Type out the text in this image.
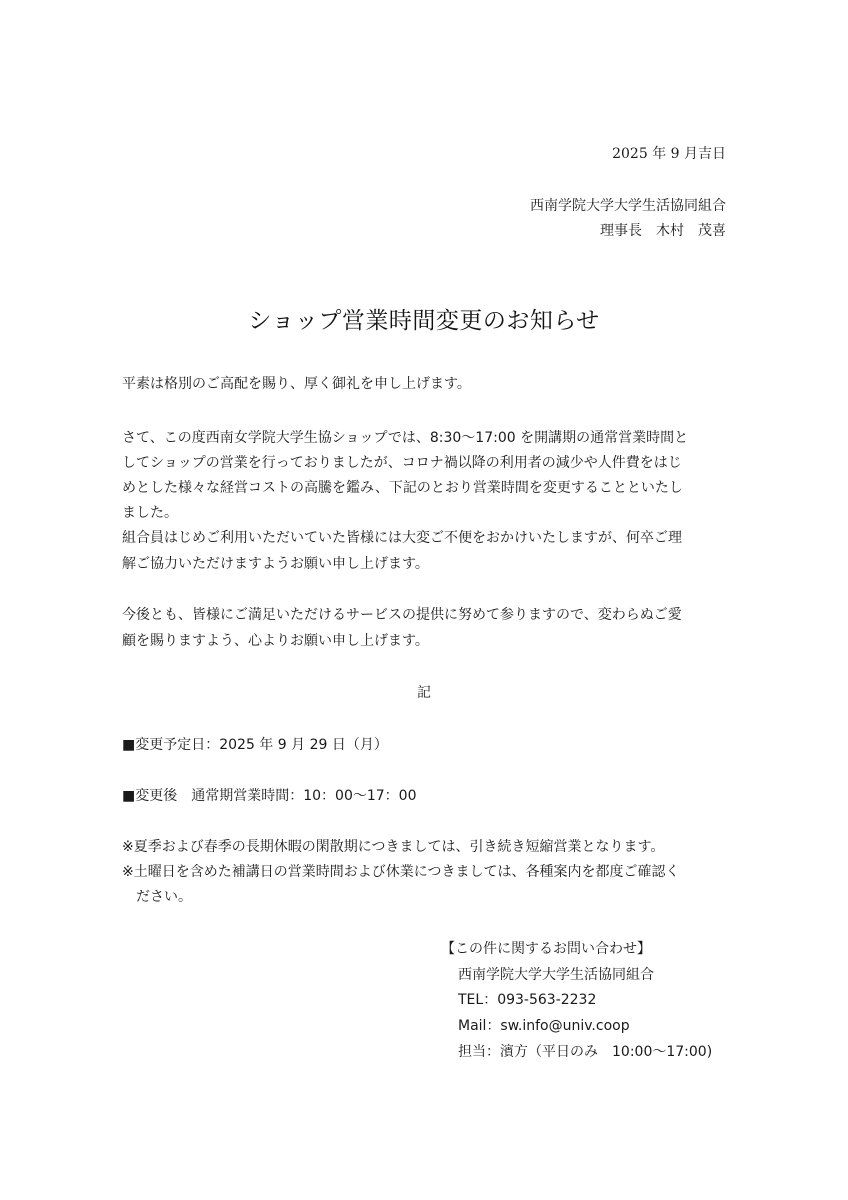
2025 年 9 月吉日
西南学院大学大学生活協同組合
理事長　木村　茂喜
ショップ営業時間変更のお知らせ
平素は格別のご高配を賜り、厚く御礼を申し上げます。
さて、この度西南女学院大学生協ショップでは、8:30～17:00 を開講期の通常営業時間と
してショップの営業を行っておりましたが、コロナ禍以降の利用者の減少や人件費をはじ
めとした様々な経営コストの高騰を鑑み、下記のとおり営業時間を変更することといたし
ました。
組合員はじめご利用いただいていた皆様には大変ご不便をおかけいたしますが、何卒ご理
解ご協力いただけますようお願い申し上げます。
今後とも、皆様にご満足いただけるサービスの提供に努めて参りますので、変わらぬご愛
顧を賜りますよう、心よりお願い申し上げます。
記
■変更予定日：2025 年 9 月 29 日（月）
■変更後　通常期営業時間：10：00～17：00
※夏季および春季の長期休暇の閑散期につきましては、引き続き短縮営業となります。
※土曜日を含めた補講日の営業時間および休業につきましては、各種案内を都度ご確認く
　ださい。
【この件に関するお問い合わせ】
西南学院大学大学生活協同組合
TEL：093-563-2232
Mail：sw.info@univ.coop
担当：濱方（平日のみ　10:00～17:00)
